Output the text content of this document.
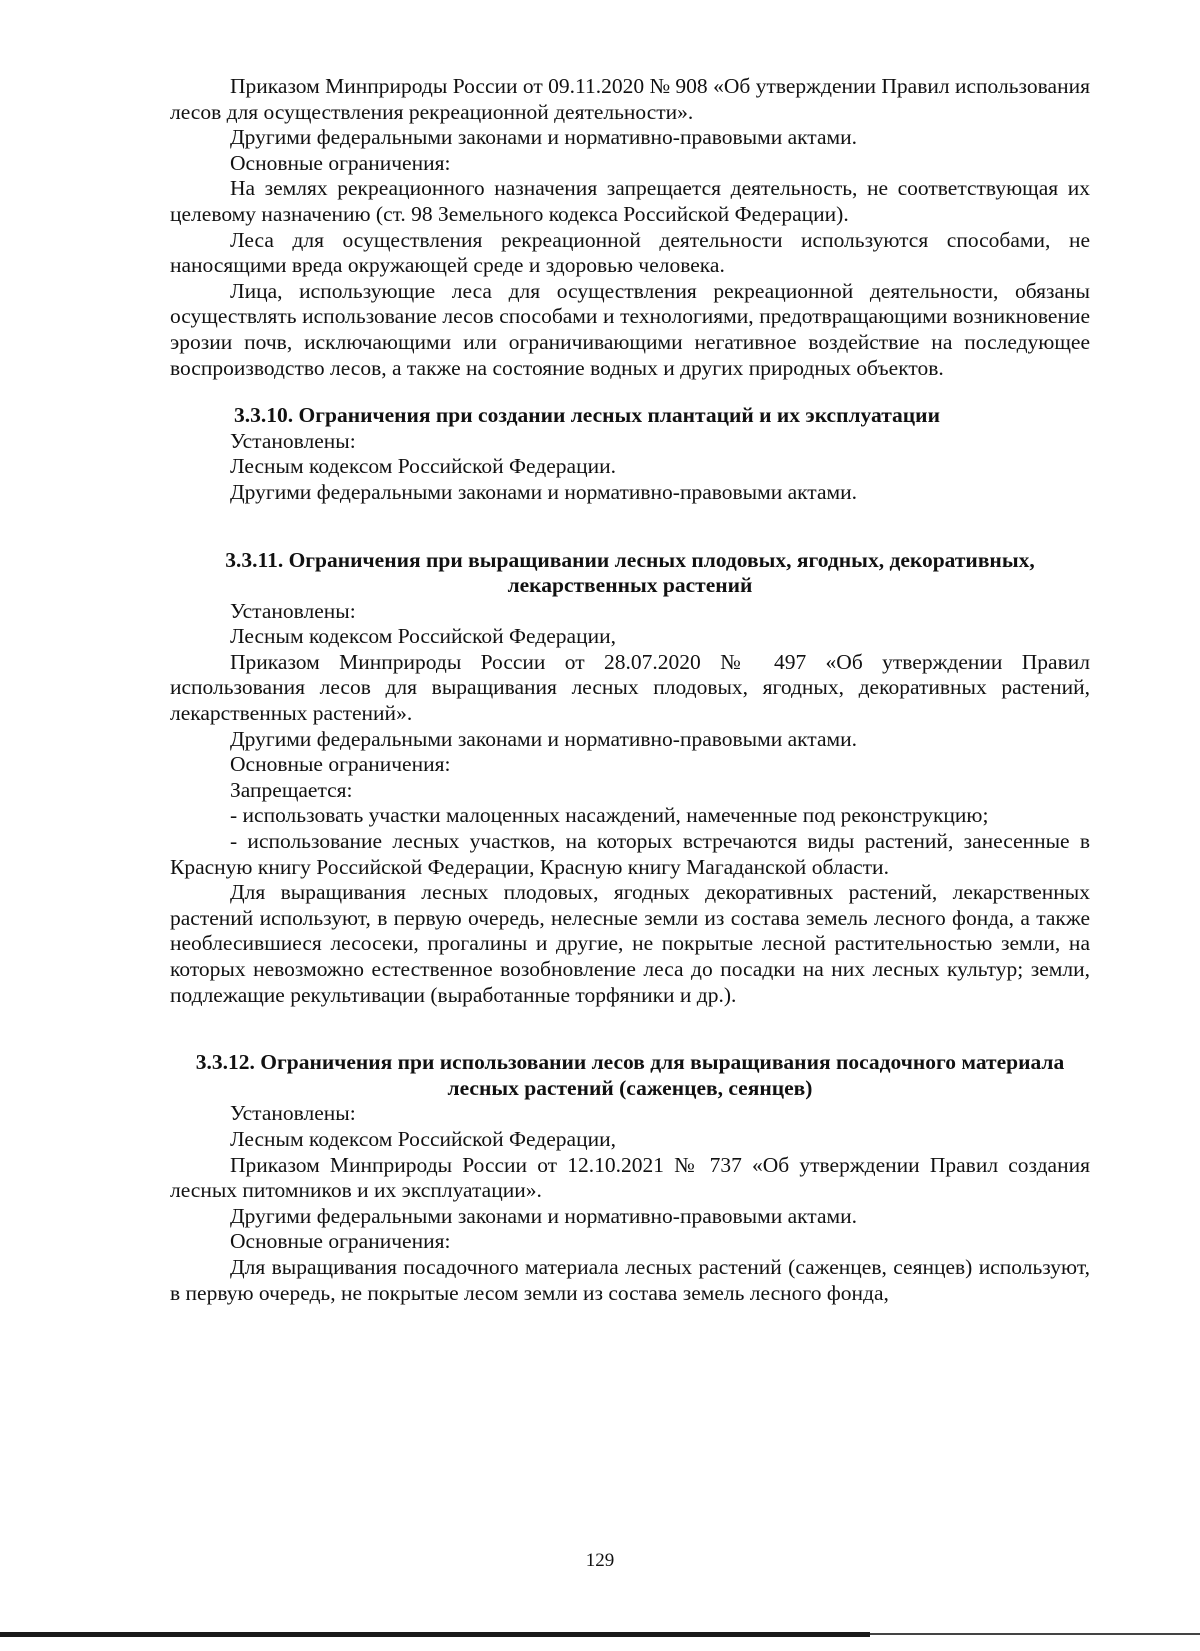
Приказом Минприроды России от 09.11.2020 № 908 «Об утверждении Правил использования лесов для осуществления рекреационной деятельности».

Другими федеральными законами и нормативно-правовыми актами.

Основные ограничения:

На землях рекреационного назначения запрещается деятельность, не соответствующая их целевому назначению (ст. 98 Земельного кодекса Российской Федерации).

Леса для осуществления рекреационной деятельности используются способами, не наносящими вреда окружающей среде и здоровью человека.

Лица, использующие леса для осуществления рекреационной деятельности, обязаны осуществлять использование лесов способами и технологиями, предотвращающими возникновение эрозии почв, исключающими или ограничивающими негативное воздействие на последующее воспроизводство лесов, а также на состояние водных и других природных объектов.

3.3.10. Ограничения при создании лесных плантаций и их эксплуатации

Установлены:

Лесным кодексом Российской Федерации.

Другими федеральными законами и нормативно-правовыми актами.

3.3.11. Ограничения при выращивании лесных плодовых, ягодных, декоративных, лекарственных растений

Установлены:

Лесным кодексом Российской Федерации,

Приказом Минприроды России от 28.07.2020 № 497 «Об утверждении Правил использования лесов для выращивания лесных плодовых, ягодных, декоративных растений, лекарственных растений».

Другими федеральными законами и нормативно-правовыми актами.

Основные ограничения:

Запрещается:

- использовать участки малоценных насаждений, намеченные под реконструкцию;

- использование лесных участков, на которых встречаются виды растений, занесенные в Красную книгу Российской Федерации, Красную книгу Магаданской области.

Для выращивания лесных плодовых, ягодных декоративных растений, лекарственных растений используют, в первую очередь, нелесные земли из состава земель лесного фонда, а также необлесившиеся лесосеки, прогалины и другие, не покрытые лесной растительностью земли, на которых невозможно естественное возобновление леса до посадки на них лесных культур; земли, подлежащие рекультивации (выработанные торфяники и др.).

3.3.12. Ограничения при использовании лесов для выращивания посадочного материала лесных растений (саженцев, сеянцев)

Установлены:

Лесным кодексом Российской Федерации,

Приказом Минприроды России от 12.10.2021 № 737 «Об утверждении Правил создания лесных питомников и их эксплуатации».

Другими федеральными законами и нормативно-правовыми актами.

Основные ограничения:

Для выращивания посадочного материала лесных растений (саженцев, сеянцев) используют, в первую очередь, не покрытые лесом земли из состава земель лесного фонда,

129
